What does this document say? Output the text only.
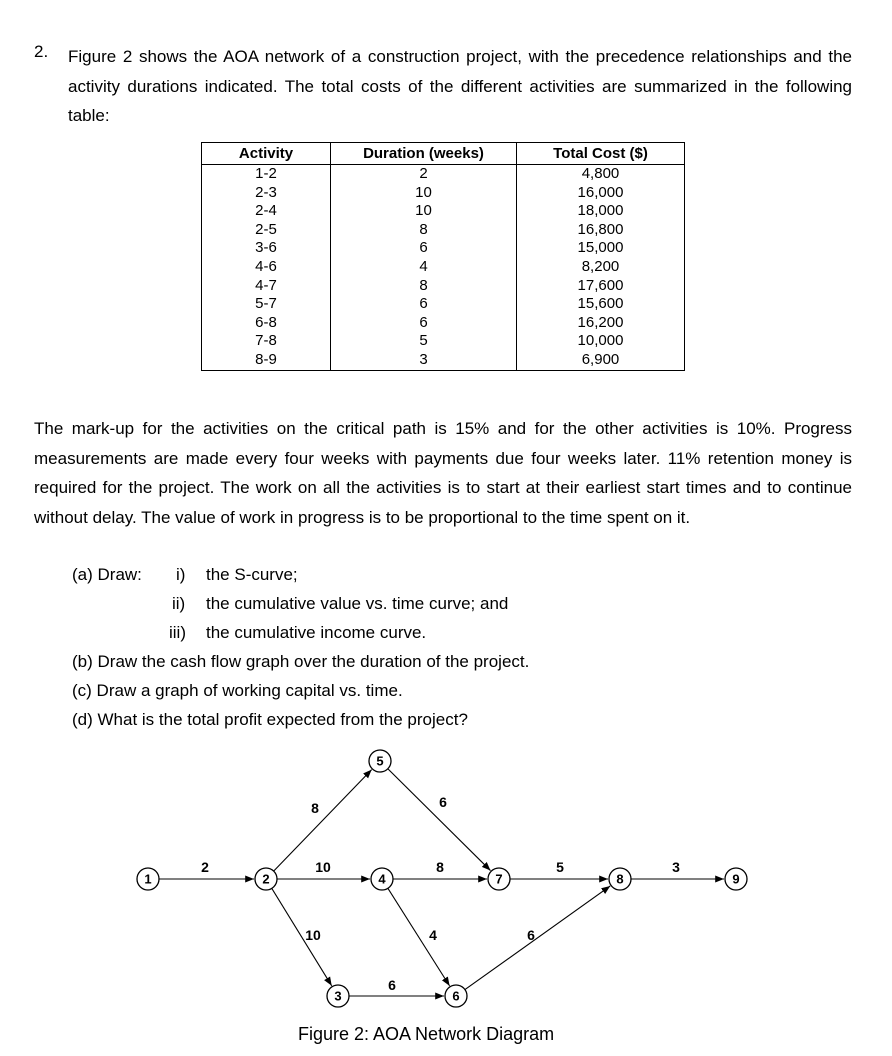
2. Figure 2 shows the AOA network of a construction project, with the precedence relationships and the activity durations indicated. The total costs of the different activities are summarized in the following table:
Activity	Duration (weeks)	Total Cost ($)
1-2	2	4,800
2-3	10	16,000
2-4	10	18,000
2-5	8	16,800
3-6	6	15,000
4-6	4	8,200
4-7	8	17,600
5-7	6	15,600
6-8	6	16,200
7-8	5	10,000
8-9	3	6,900
The mark-up for the activities on the critical path is 15% and for the other activities is 10%. Progress measurements are made every four weeks with payments due four weeks later. 11% retention money is required for the project. The work on all the activities is to start at their earliest start times and to continue without delay. The value of work in progress is to be proportional to the time spent on it.
(a) Draw: i) the S-curve;
ii) the cumulative value vs. time curve; and
iii) the cumulative income curve.
(b) Draw the cash flow graph over the duration of the project.
(c) Draw a graph of working capital vs. time.
(d) What is the total profit expected from the project?
2
8
10
10
6
8
4
6
6
5	3
1	2
3
4
5
6
7	8	9
Figure 2: AOA Network Diagram
